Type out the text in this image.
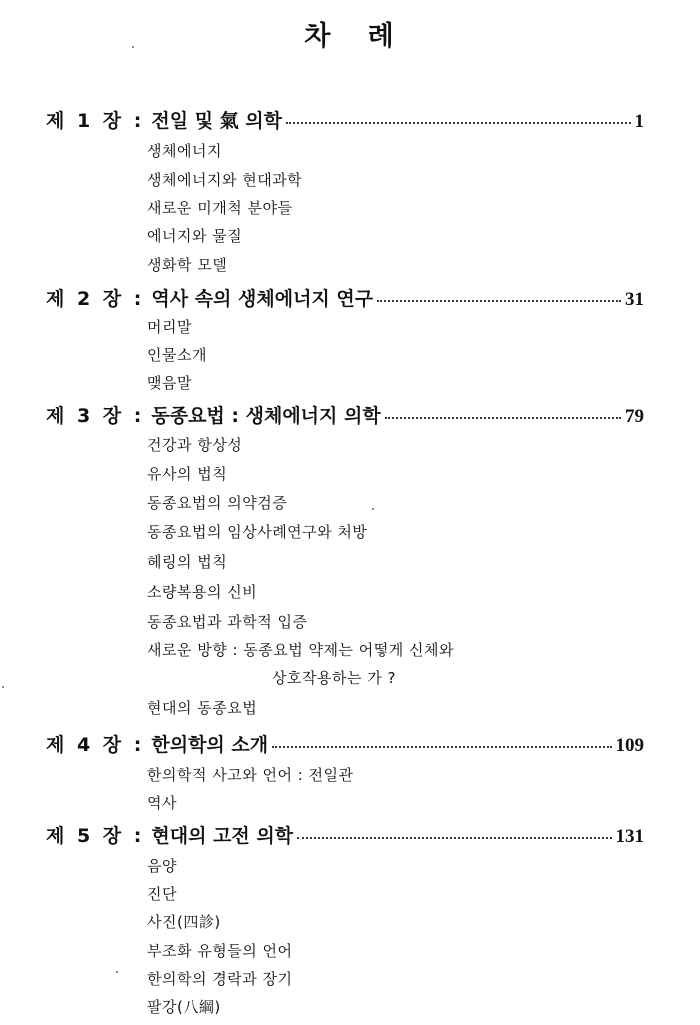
차 례
제 1 장 : 전일 및 氣 의학	1
생체에너지
생체에너지와 현대과학
새로운 미개척 분야들
에너지와 물질
생화학 모델
제 2 장 : 역사 속의 생체에너지 연구	31
머리말
인물소개
맺음말
제 3 장 : 동종요법 : 생체에너지 의학	79
건강과 항상성
유사의 법칙
동종요법의 의약검증
동종요법의 임상사례연구와 처방
헤링의 법칙
소량복용의 신비
동종요법과 과학적 입증
새로운 방향 : 동종요법 약제는 어떻게 신체와
상호작용하는 가 ?
현대의 동종요법
제 4 장 : 한의학의 소개	109
한의학적 사고와 언어 : 전일관
역사
제 5 장 : 현대의 고전 의학	131
음양
진단
사진(四診)
부조화 유형들의 언어
한의학의 경락과 장기
팔강(八綱)
